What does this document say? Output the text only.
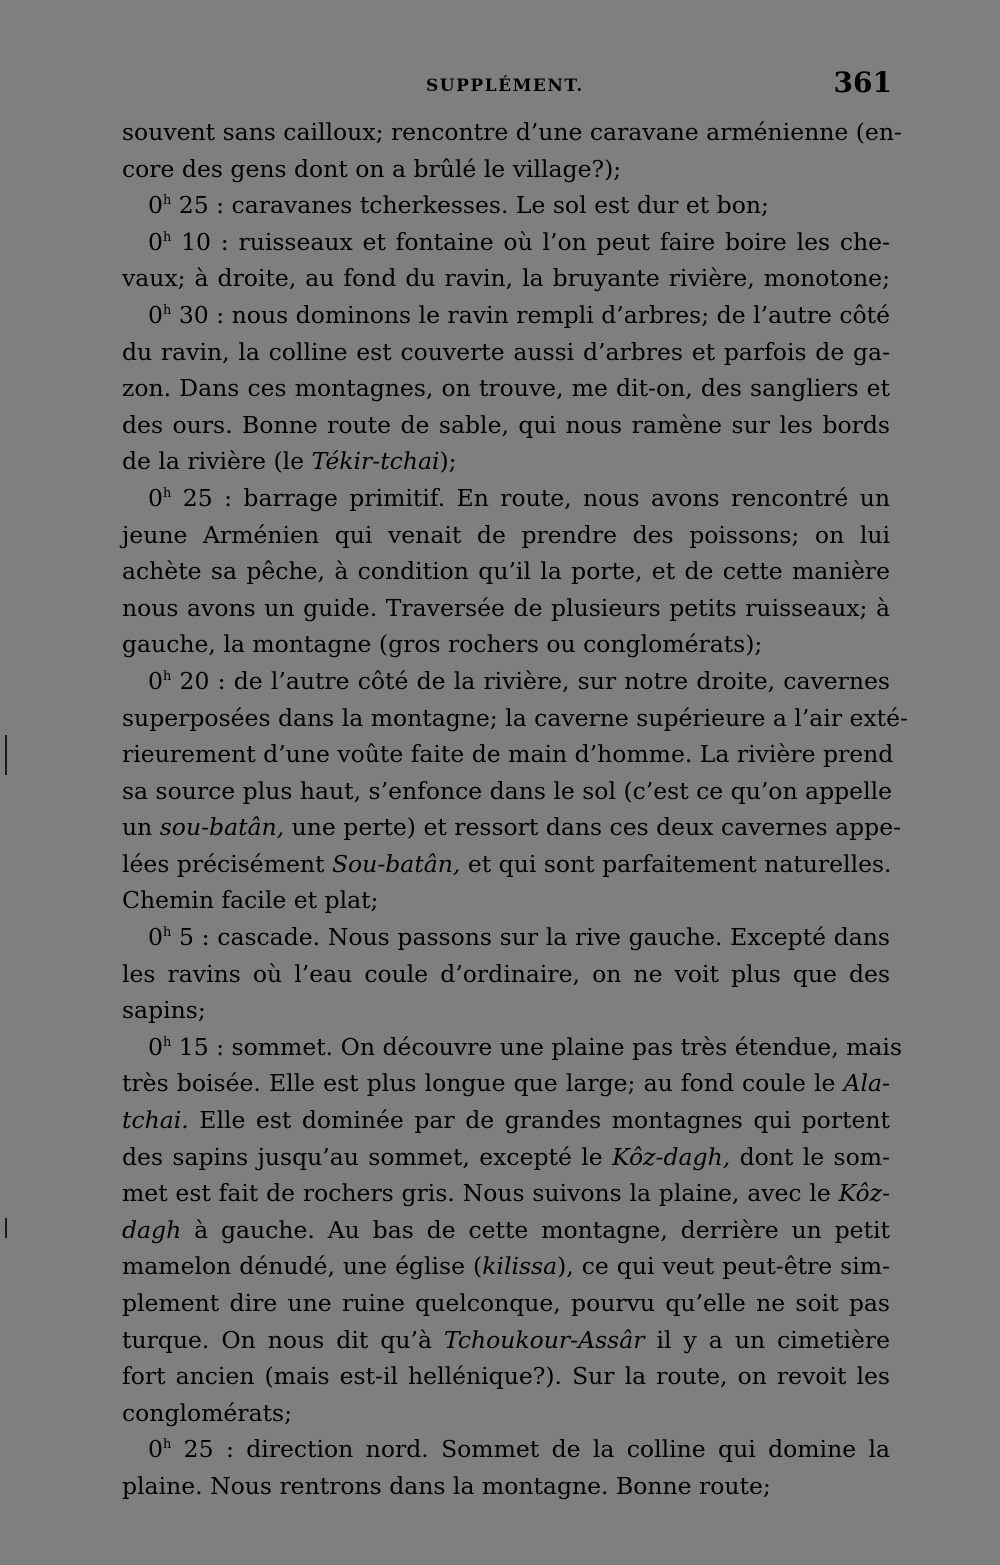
SUPPLÉMENT.	361
souvent sans cailloux; rencontre d’une caravane arménienne (en-
core des gens dont on a brûlé le village?);
0$^h$ 25 : caravanes tcherkesses. Le sol est dur et bon;
0$^h$ 10 : ruisseaux et fontaine où l’on peut faire boire les che-
vaux; à droite, au fond du ravin, la bruyante rivière, monotone;
0$^h$ 30 : nous dominons le ravin rempli d’arbres; de l’autre côté
du ravin, la colline est couverte aussi d’arbres et parfois de ga-
zon. Dans ces montagnes, on trouve, me dit-on, des sangliers et
des ours. Bonne route de sable, qui nous ramène sur les bords
de la rivière (le Tékir-tchai);
0$^h$ 25 : barrage primitif. En route, nous avons rencontré un
jeune Arménien qui venait de prendre des poissons; on lui
achète sa pêche, à condition qu’il la porte, et de cette manière
nous avons un guide. Traversée de plusieurs petits ruisseaux; à
gauche, la montagne (gros rochers ou conglomérats);
0$^h$ 20 : de l’autre côté de la rivière, sur notre droite, cavernes
superposées dans la montagne; la caverne supérieure a l’air exté-
rieurement d’une voûte faite de main d’homme. La rivière prend
sa source plus haut, s’enfonce dans le sol (c’est ce qu’on appelle
un sou-batân, une perte) et ressort dans ces deux cavernes appe-
lées précisément Sou-batân, et qui sont parfaitement naturelles.
Chemin facile et plat;
0$^h$ 5 : cascade. Nous passons sur la rive gauche. Excepté dans
les ravins où l’eau coule d’ordinaire, on ne voit plus que des
sapins;
0$^h$ 15 : sommet. On découvre une plaine pas très étendue, mais
très boisée. Elle est plus longue que large; au fond coule le Ala-
tchai. Elle est dominée par de grandes montagnes qui portent
des sapins jusqu’au sommet, excepté le Kôz-dagh, dont le som-
met est fait de rochers gris. Nous suivons la plaine, avec le Kôz-
dagh à gauche. Au bas de cette montagne, derrière un petit
mamelon dénudé, une église (kilissa), ce qui veut peut-être sim-
plement dire une ruine quelconque, pourvu qu’elle ne soit pas
turque. On nous dit qu’à Tchoukour-Assâr il y a un cimetière
fort ancien (mais est-il hellénique?). Sur la route, on revoit les
conglomérats;
0$^h$ 25 : direction nord. Sommet de la colline qui domine la
plaine. Nous rentrons dans la montagne. Bonne route;
